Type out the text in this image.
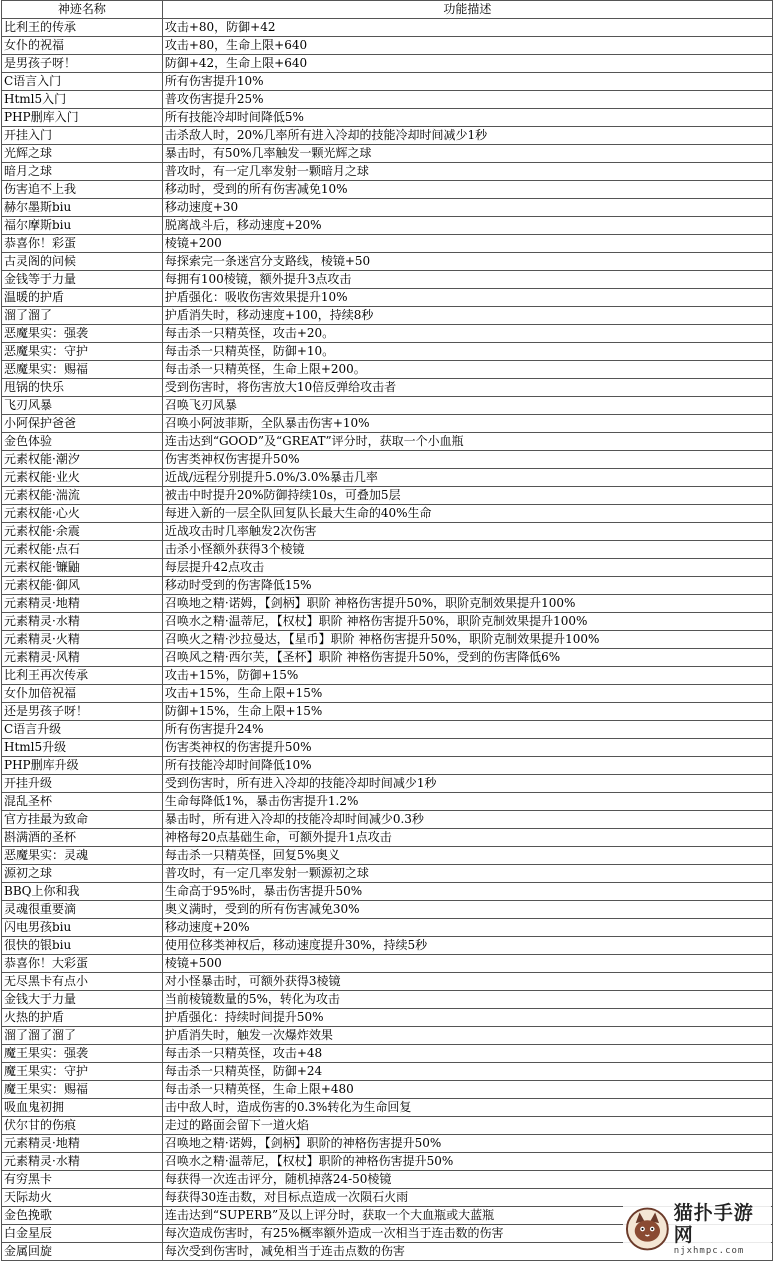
神迹名称	功能描述
比利王的传承	攻击+80，防御+42
女仆的祝福	攻击+80，生命上限+640
是男孩子呀！	防御+42，生命上限+640
C语言入门	所有伤害提升10%
Html5入门	普攻伤害提升25%
PHP删库入门	所有技能冷却时间降低5%
开挂入门	击杀敌人时，20%几率所有进入冷却的技能冷却时间减少1秒
光辉之球	暴击时，有50%几率触发一颗光辉之球
暗月之球	普攻时，有一定几率发射一颗暗月之球
伤害追不上我	移动时，受到的所有伤害减免10%
赫尔墨斯biu	移动速度+30
福尔摩斯biu	脱离战斗后，移动速度+20%
恭喜你！彩蛋	棱镜+200
古灵阁的问候	每探索完一条迷宫分支路线，棱镜+50
金钱等于力量	每拥有100棱镜，额外提升3点攻击
温暖的护盾	护盾强化：吸收伤害效果提升10%
溜了溜了	护盾消失时，移动速度+100，持续8秒
恶魔果实：强袭	每击杀一只精英怪，攻击+20。
恶魔果实：守护	每击杀一只精英怪，防御+10。
恶魔果实：赐福	每击杀一只精英怪，生命上限+200。
甩锅的快乐	受到伤害时，将伤害放大10倍反弹给攻击者
飞刃风暴	召唤飞刃风暴
小阿保护爸爸	召唤小阿波菲斯，全队暴击伤害+10%
金色体验	连击达到“GOOD”及“GREAT”评分时，获取一个小血瓶
元素权能·潮汐	伤害类神权伤害提升50%
元素权能·业火	近战/远程分别提升5.0%/3.0%暴击几率
元素权能·湍流	被击中时提升20%防御持续10s，可叠加5层
元素权能·心火	每进入新的一层全队回复队长最大生命的40%生命
元素权能·余震	近战攻击时几率触发2次伤害
元素权能·点石	击杀小怪额外获得3个棱镜
元素权能·镰鼬	每层提升42点攻击
元素权能·御风	移动时受到的伤害降低15%
元素精灵·地精	召唤地之精·诺姆，【剑柄】职阶 神格伤害提升50%，职阶克制效果提升100%
元素精灵·水精	召唤水之精·温蒂尼，【权杖】职阶 神格伤害提升50%，职阶克制效果提升100%
元素精灵·火精	召唤火之精·沙拉曼达，【星币】职阶 神格伤害提升50%，职阶克制效果提升100%
元素精灵·风精	召唤风之精·西尔芙，【圣杯】职阶 神格伤害提升50%，受到的伤害降低6%
比利王再次传承	攻击+15%，防御+15%
女仆加倍祝福	攻击+15%，生命上限+15%
还是男孩子呀！	防御+15%，生命上限+15%
C语言升级	所有伤害提升24%
Html5升级	伤害类神权的伤害提升50%
PHP删库升级	所有技能冷却时间降低10%
开挂升级	受到伤害时，所有进入冷却的技能冷却时间减少1秒
混乱圣杯	生命每降低1%，暴击伤害提升1.2%
官方挂最为致命	暴击时，所有进入冷却的技能冷却时间减少0.3秒
斟满酒的圣杯	神格每20点基础生命，可额外提升1点攻击
恶魔果实：灵魂	每击杀一只精英怪，回复5%奥义
源初之球	普攻时，有一定几率发射一颗源初之球
BBQ上你和我	生命高于95%时，暴击伤害提升50%
灵魂很重要滴	奥义满时，受到的所有伤害减免30%
闪电男孩biu	移动速度+20%
很快的银biu	使用位移类神权后，移动速度提升30%，持续5秒
恭喜你！大彩蛋	棱镜+500
无尽黑卡有点小	对小怪暴击时，可额外获得3棱镜
金钱大于力量	当前棱镜数量的5%，转化为攻击
火热的护盾	护盾强化：持续时间提升50%
溜了溜了溜了	护盾消失时，触发一次爆炸效果
魔王果实：强袭	每击杀一只精英怪，攻击+48
魔王果实：守护	每击杀一只精英怪，防御+24
魔王果实：赐福	每击杀一只精英怪，生命上限+480
吸血鬼初拥	击中敌人时，造成伤害的0.3%转化为生命回复
伏尔甘的伤痕	走过的路面会留下一道火焰
元素精灵·地精	召唤地之精·诺姆，【剑柄】职阶的神格伤害提升50%
元素精灵·水精	召唤水之精·温蒂尼，【权杖】职阶的神格伤害提升50%
有穷黑卡	每获得一次连击评分，随机掉落24-50棱镜
天际劫火	每获得30连击数，对目标点造成一次陨石火雨
金色挽歌	连击达到“SUPERB”及以上评分时，获取一个大血瓶或大蓝瓶
白金星辰	每次造成伤害时，有25%概率额外造成一次相当于连击数的伤害
金属回旋	每次受到伤害时，减免相当于连击点数的伤害
猫扑手游网
njxhmpc.com
